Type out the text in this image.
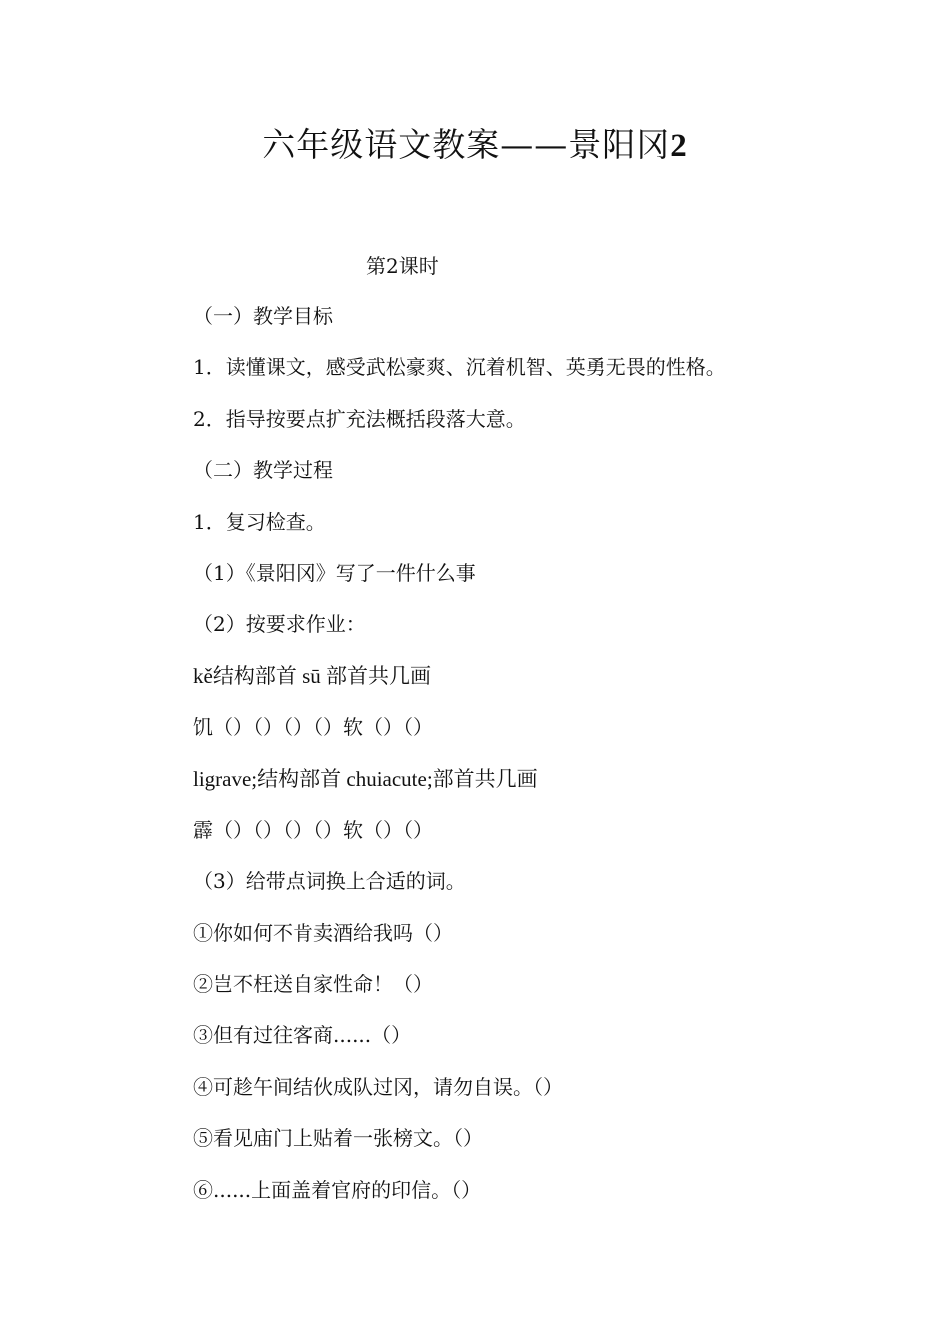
六年级语文教案——景阳冈2
第2课时
（一）教学目标
1．读懂课文，感受武松豪爽、沉着机智、英勇无畏的性格。
2．指导按要点扩充法概括段落大意。
（二）教学过程
1．复习检查。
（1）《景阳冈》写了一件什么事
（2）按要求作业：
kě结构部首 sū 部首共几画
饥（）（）（）（）软（）（）
ligrave;结构部首 chuiacute;部首共几画
霹（）（）（）（）软（）（）
（3）给带点词换上合适的词。
①你如何不肯卖酒给我吗（）
②岂不枉送自家性命！（）
③但有过往客商......（）
④可趁午间结伙成队过冈，请勿自误。（）
⑤看见庙门上贴着一张榜文。（）
⑥......上面盖着官府的印信。（）
